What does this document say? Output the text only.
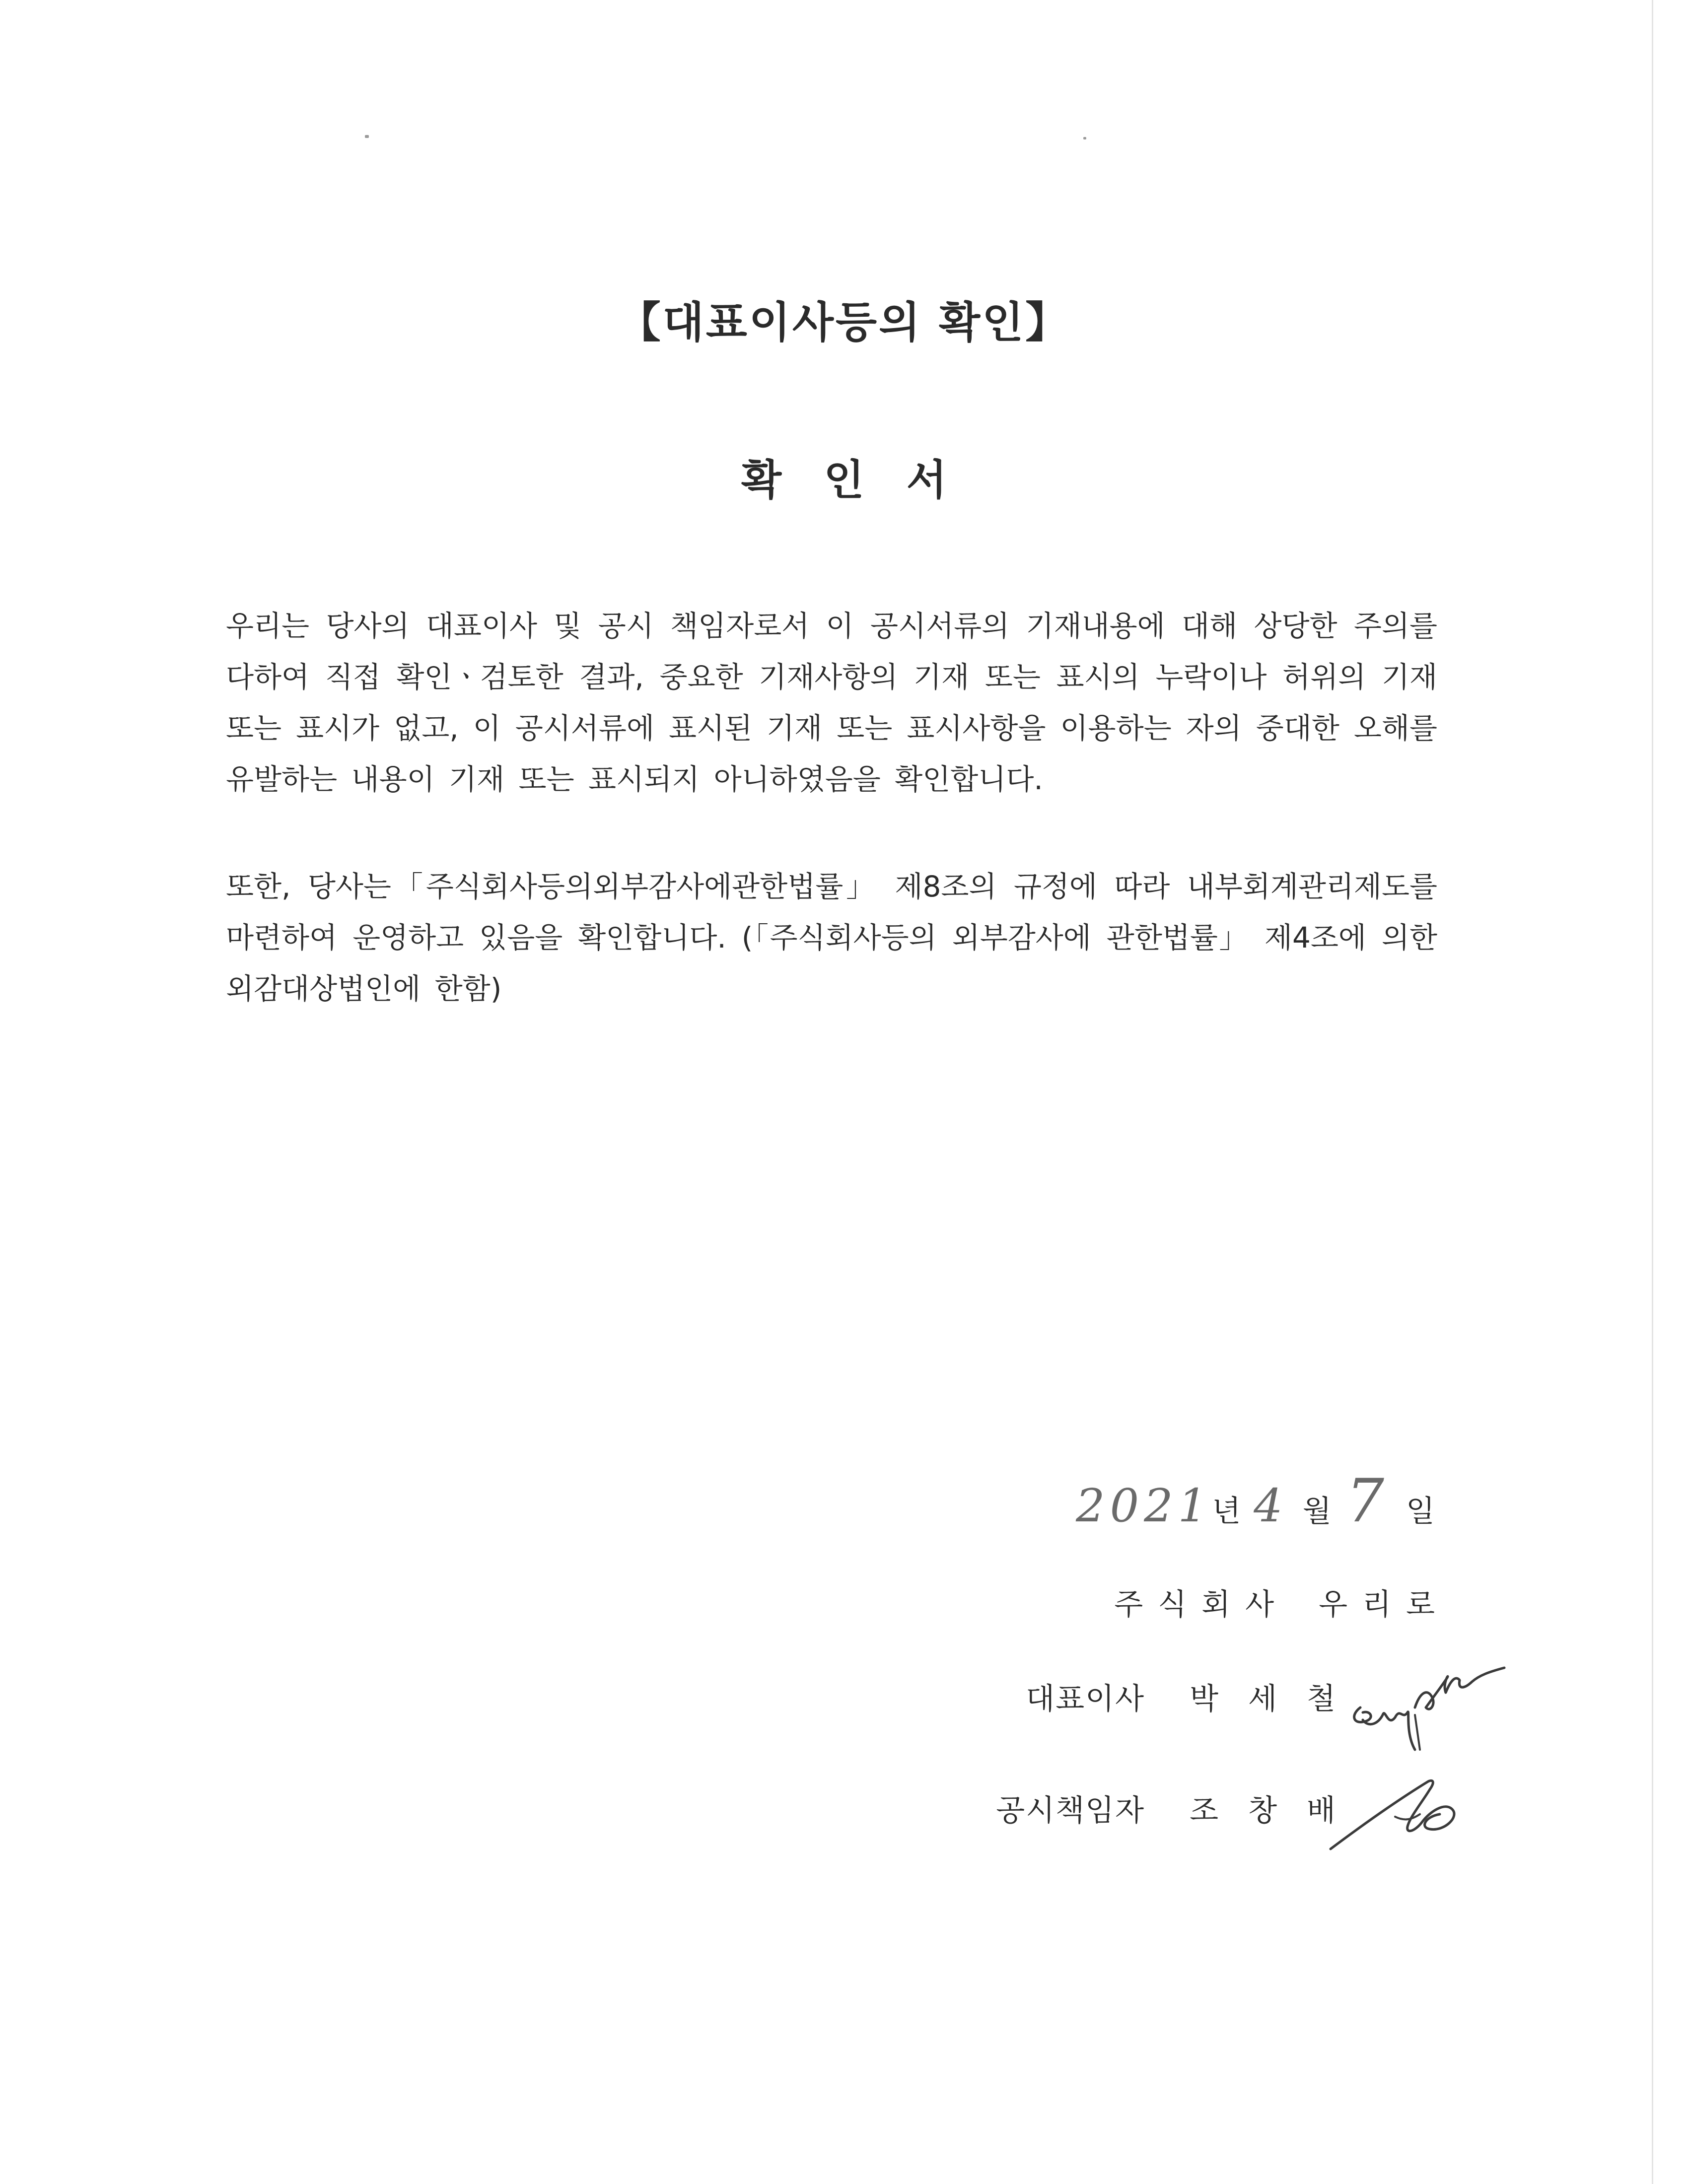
【대표이사등의 확인】
확 인 서

우리는 당사의 대표이사 및 공시 책임자로서 이 공시서류의 기재내용에 대해 상당한 주의를 다하여 직접 확인ㆍ검토한 결과, 중요한 기재사항의 기재 또는 표시의 누락이나 허위의 기재 또는 표시가 없고, 이 공시서류에 표시된 기재 또는 표시사항을 이용하는 자의 중대한 오해를 유발하는 내용이 기재 또는 표시되지 아니하였음을 확인합니다.

또한, 당사는「주식회사등의외부감사에관한법률」 제8조의 규정에 따라 내부회계관리제도를 마련하여 운영하고 있음을 확인합니다. (「주식회사등의 외부감사에 관한법률」 제4조에 의한 외감대상법인에 한함)

2021 년 4 월 7 일
주식회사 우리로
대표이사 박세철
공시책임자 조창배
